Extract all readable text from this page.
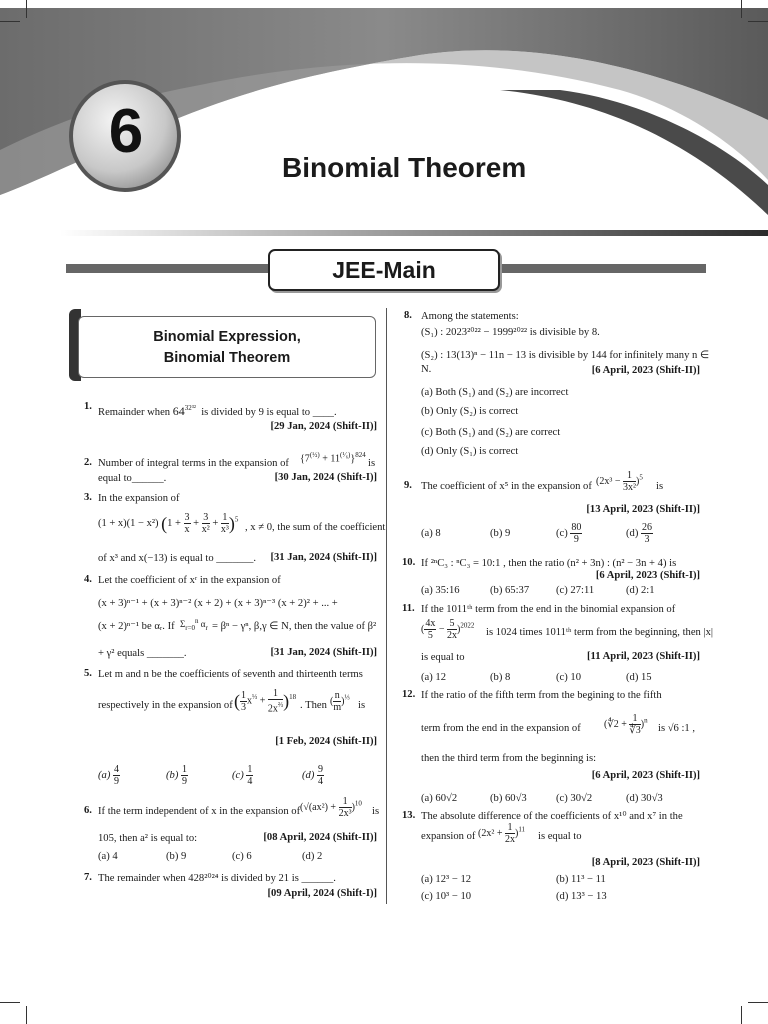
6
Binomial Theorem
JEE-Main
Binomial Expression,
Binomial Theorem
1.
Remainder when $64^{32^{32}}$ is divided by 9 is equal to ____.
[29 Jan, 2024 (Shift-II)]
2. Number of integral terms in the expansion of $\{7^{(\frac{1}{2})} + 11^{(^1⁄_6)}\}^{824}$
is
equal to______.	[30 Jan, 2024 (Shift-I)]
3. In the expansion of
(1 + x)(1 − x²) $(1 + \frac{3}{x} + \frac{3}{\text{x²}} + \frac{1}{\text{x³}} )^5$
, x ≠ 0, the sum of the coefficient
of x³ and x(−13) is equal to _______.	[31 Jan, 2024 (Shift-II)]
4. Let the coefficient of xʳ in the expansion of
(x + 3)ⁿ⁻¹ + (x + 3)ⁿ⁻² (x + 2) + (x + 3)ⁿ⁻³ (x + 2)² + ... +
(x + 2)ⁿ⁻¹ be αᵣ. If $\Sigma_{r=0}^n$ $\alpha_r = \beta^n - \gamma^n$, β,γ ∈ N, then the value of β²
+ γ² equals _______.	[31 Jan, 2024 (Shift-II)]
5. Let m and n be the coefficients of seventh and thirteenth terms
respectively in the expansion of ( $\frac{1}{3} x^{\frac{1}{3}} + \frac{1}{2x^{\frac{2}{3}}} )^{18}$
. Then ( $\frac{n}{m} )^{\frac{1}{3}}$
is
[1 Feb, 2024 (Shift-II)]
$(a) \frac{4}{9}$	$(b) \frac{1}{9}$	$(c) \frac{1}{4}$	$(d) \frac{9}{4}$
6. If the term independent of x in the expansion of $(√(ax^2) + \frac{1}{\text{2x³}} )^{10}$
is
105, then a² is equal to:	[08 April, 2024 (Shift-II)]
(a) 4	(b) 9	(c) 6	(d) 2
7. The remainder when 428²⁰²⁴ is divided by 21 is ______.
[09 April, 2024 (Shift-I)]
8. Among the statements:
(S₁) : 2023²⁰²² − 1999²⁰²² is divisible by 8.
(S₂) : 13(13)ⁿ − 11n − 13 is divisible by 144 for infinitely many n ∈ N.	[6 April, 2023 (Shift-II)]
(a) Both (S₁) and (S₂) are incorrect
(b) Only (S₂) is correct
(c) Both (S₁) and (S₂) are correct
(d) Only (S₁) is correct
9. The coefficient of x⁵ in the expansion of $(2x^3 - \frac{1}{\text{3x²}} )^5$
is
[13 April, 2023 (Shift-II)]
(a) 8	(b) 9	$(c) \frac{80}{9}$	$(d) \frac{26}{3}$
10. If ²ⁿC₃ : ⁿC₃ = 10:1 , then the ratio (n² + 3n) : (n² − 3n + 4) is
[6 April, 2023 (Shift-I)]
(a) 35:16	(b) 65:37	(c) 27:11	(d) 2:1
11. If the 1011ᵗʰ term from the end in the binomial expansion of
( $\frac{4x}{5} - \frac{5}{2x} )^{2022}$
is 1024 times 1011ᵗʰ term from the beginning, then |x|
is equal to	[11 April, 2023 (Shift-II)]
(a) 12	(b) 8	(c) 10	(d) 15
12. If the ratio of the fifth term from the begining to the fifth
term from the end in the expansion of (∜2 + $\frac{1}{∜3} )^n$
is √6 :1 ,
then the third term from the beginning is:
[6 April, 2023 (Shift-II)]
(a) 60√2	(b) 60√3	(c) 30√2	(d) 30√3
13. The absolute difference of the coefficients of x¹⁰ and x⁷ in the
expansion of $(2x^2 + \frac{1}{2x} )^{11}$
is equal to
[8 April, 2023 (Shift-II)]
(a) 12³ − 12	(b) 11³ − 11
(c) 10³ − 10	(d) 13³ − 13
